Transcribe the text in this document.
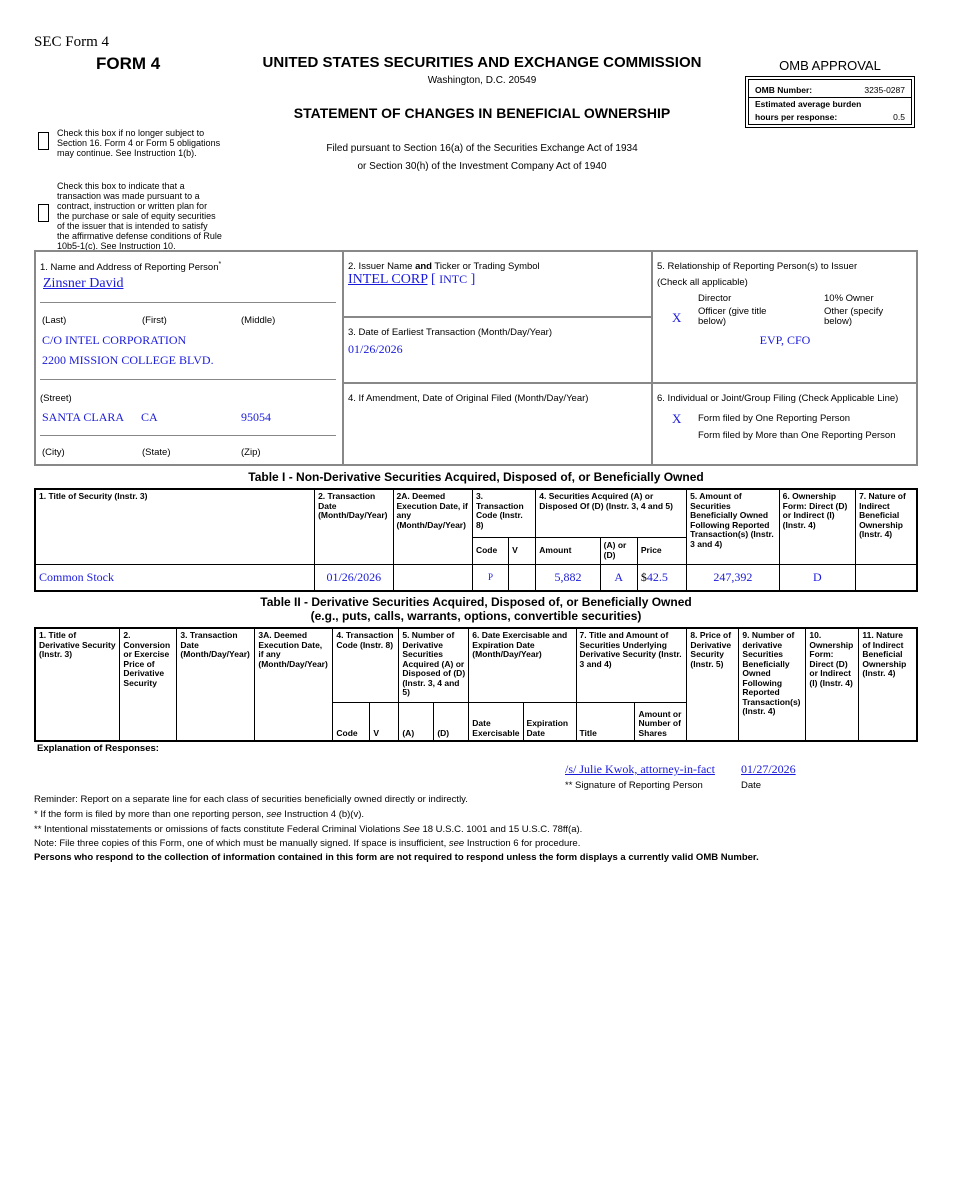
SEC Form 4
FORM 4	UNITED STATES SECURITIES AND EXCHANGE COMMISSION
Washington, D.C. 20549
STATEMENT OF CHANGES IN BENEFICIAL OWNERSHIP
Filed pursuant to Section 16(a) of the Securities Exchange Act of 1934
or Section 30(h) of the Investment Company Act of 1940
OMB APPROVAL
OMB Number:	3235-0287
Estimated average burden
hours per response:	0.5
Check this box if no longer subject to Section 16. Form 4 or Form 5 obligations may continue. See Instruction 1(b).
Check this box to indicate that a transaction was made pursuant to a contract, instruction or written plan for the purchase or sale of equity securities of the issuer that is intended to satisfy the affirmative defense conditions of Rule 10b5-1(c). See Instruction 10.
1. Name and Address of Reporting Person*
Zinsner David
(Last)	(First)	(Middle)
C/O INTEL CORPORATION
2200 MISSION COLLEGE BLVD.
(Street)
SANTA CLARA CA	95054
(City)	(State)	(Zip)
2. Issuer Name and Ticker or Trading Symbol
INTEL CORP [ INTC ]
3. Date of Earliest Transaction (Month/Day/Year)
01/26/2026
4. If Amendment, Date of Original Filed (Month/Day/Year)
5. Relationship of Reporting Person(s) to Issuer
(Check all applicable)
Director	10% Owner
X Officer (give title below)
Other (specify below)
EVP, CFO
6. Individual or Joint/Group Filing (Check Applicable Line)
X Form filed by One Reporting Person
Form filed by More than One Reporting Person
Table I - Non-Derivative Securities Acquired, Disposed of, or Beneficially Owned
1. Title of Security (Instr. 3)	2. Transaction Date (Month/Day/Year)	2A. Deemed Execution Date, if any (Month/Day/Year)	3. Transaction Code (Instr. 8)		4. Securities Acquired (A) or Disposed Of (D) (Instr. 3, 4 and 5)			5. Amount of Securities Beneficially Owned Following Reported Transaction(s) (Instr. 3 and 4)	6. Ownership Form: Direct (D) or Indirect (I) (Instr. 4)	7. Nature of Indirect Beneficial Ownership (Instr. 4)
			Code	V	Amount	(A) or (D)	Price			
Common Stock	01/26/2026		P		5,882	A	$42.5	247,392	D	
Table II - Derivative Securities Acquired, Disposed of, or Beneficially Owned
(e.g., puts, calls, warrants, options, convertible securities)
1. Title of Derivative Security (Instr. 3)	2. Conversion or Exercise Price of Derivative Security	3. Transaction Date (Month/Day/Year)	3A. Deemed Execution Date, if any (Month/Day/Year)	4. Transaction Code (Instr. 8)		5. Number of Derivative Securities Acquired (A) or Disposed of (D) (Instr. 3, 4 and 5)		6. Date Exercisable and Expiration Date (Month/Day/Year)		7. Title and Amount of Securities Underlying Derivative Security (Instr. 3 and 4)		8. Price of Derivative Security (Instr. 5)	9. Number of derivative Securities Beneficially Owned Following Reported Transaction(s) (Instr. 4)	10. Ownership Form: Direct (D) or Indirect (I) (Instr. 4)	11. Nature of Indirect Beneficial Ownership (Instr. 4)
				Code	V	(A)	(D)	Date Exercisable	Expiration Date	Title	Amount or Number of Shares				
Explanation of Responses:
/s/ Julie Kwok, attorney-in-fact 01/27/2026
** Signature of Reporting Person	Date
Reminder: Report on a separate line for each class of securities beneficially owned directly or indirectly.
* If the form is filed by more than one reporting person, see Instruction 4 (b)(v).
** Intentional misstatements or omissions of facts constitute Federal Criminal Violations See 18 U.S.C. 1001 and 15 U.S.C. 78ff(a).
Note: File three copies of this Form, one of which must be manually signed. If space is insufficient, see Instruction 6 for procedure.
Persons who respond to the collection of information contained in this form are not required to respond unless the form displays a currently valid OMB Number.
